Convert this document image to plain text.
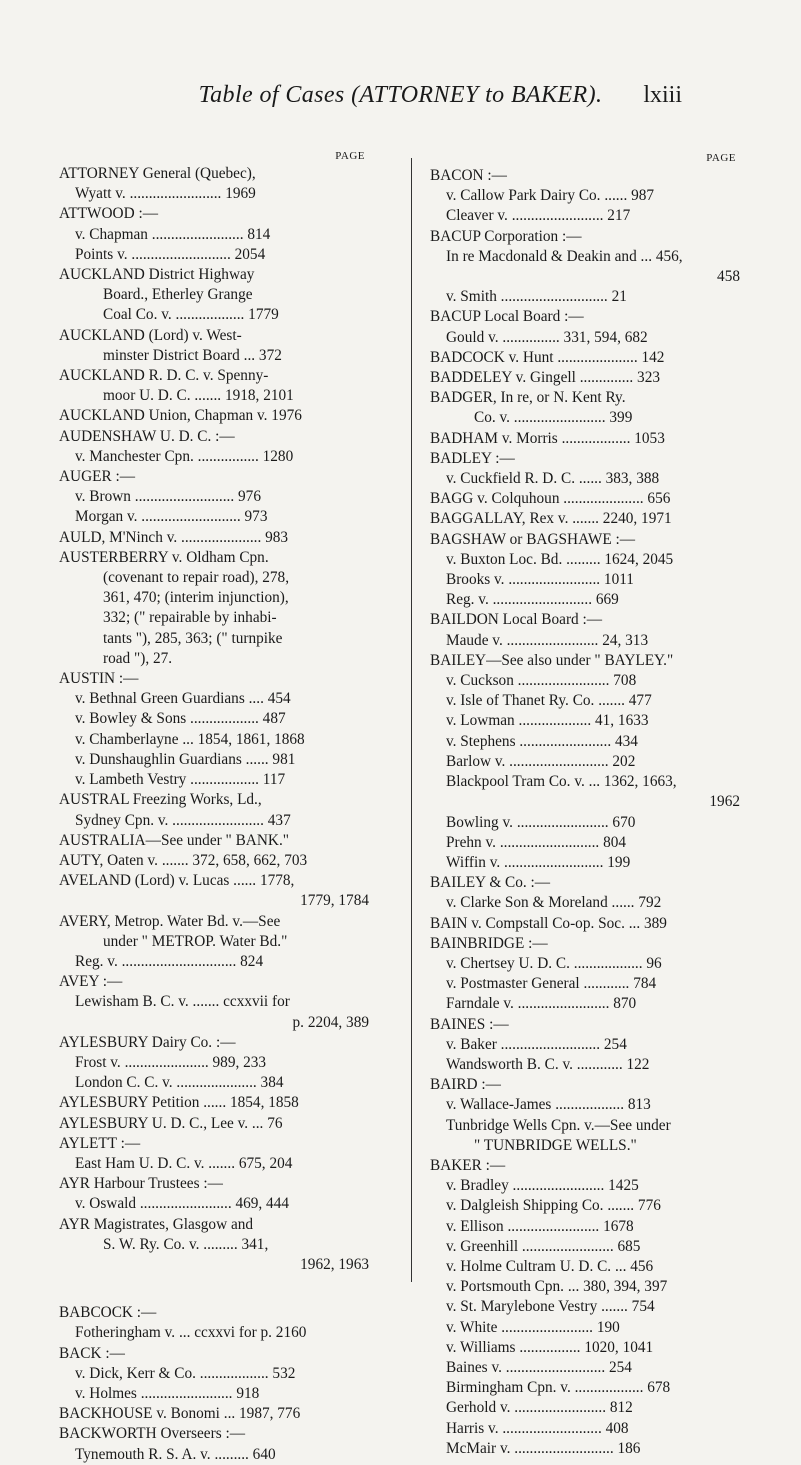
Table of Cases (ATTORNEY to BAKER).	lxiii
PAGE
ATTORNEY General (Quebec),
Wyatt v. ........................ 1969
ATTWOOD :—
v. Chapman ........................ 814
Points v. .......................... 2054
AUCKLAND District Highway
Board., Etherley Grange
Coal Co. v. .................. 1779
AUCKLAND (Lord) v. West-
minster District Board ... 372
AUCKLAND R. D. C. v. Spenny-
moor U. D. C. ....... 1918, 2101
AUCKLAND Union, Chapman v. 1976
AUDENSHAW U. D. C. :—
v. Manchester Cpn. ................ 1280
AUGER :—
v. Brown .......................... 976
Morgan v. .......................... 973
AULD, M'Ninch v. ..................... 983
AUSTERBERRY v. Oldham Cpn.
(covenant to repair road), 278,
361, 470; (interim injunction),
332; (" repairable by inhabi-
tants "), 285, 363; (" turnpike
road "), 27.
AUSTIN :—
v. Bethnal Green Guardians .... 454
v. Bowley & Sons .................. 487
v. Chamberlayne ... 1854, 1861, 1868
v. Dunshaughlin Guardians ...... 981
v. Lambeth Vestry .................. 117
AUSTRAL Freezing Works, Ld.,
Sydney Cpn. v. ........................ 437
AUSTRALIA—See under " BANK."
AUTY, Oaten v. ....... 372, 658, 662, 703
AVELAND (Lord) v. Lucas ...... 1778,
1779, 1784
AVERY, Metrop. Water Bd. v.—See
under " METROP. Water Bd."
Reg. v. .............................. 824
AVEY :—
Lewisham B. C. v. ....... ccxxvii for
p. 2204, 389
AYLESBURY Dairy Co. :—
Frost v. ...................... 989, 233
London C. C. v. ..................... 384
AYLESBURY Petition ...... 1854, 1858
AYLESBURY U. D. C., Lee v. ... 76
AYLETT :—
East Ham U. D. C. v. ....... 675, 204
AYR Harbour Trustees :—
v. Oswald ........................ 469, 444
AYR Magistrates, Glasgow and
S. W. Ry. Co. v. ......... 341,
1962, 1963
BABCOCK :—
Fotheringham v. ... ccxxvi for p. 2160
BACK :—
v. Dick, Kerr & Co. .................. 532
v. Holmes ........................ 918
BACKHOUSE v. Bonomi ... 1987, 776
BACKWORTH Overseers :—
Tynemouth R. S. A. v. ......... 640
PAGE
BACON :—
v. Callow Park Dairy Co. ...... 987
Cleaver v. ........................ 217
BACUP Corporation :—
In re Macdonald & Deakin and ... 456,
458
v. Smith ............................ 21
BACUP Local Board :—
Gould v. ............... 331, 594, 682
BADCOCK v. Hunt ..................... 142
BADDELEY v. Gingell .............. 323
BADGER, In re, or N. Kent Ry.
Co. v. ........................ 399
BADHAM v. Morris .................. 1053
BADLEY :—
v. Cuckfield R. D. C. ...... 383, 388
BAGG v. Colquhoun ..................... 656
BAGGALLAY, Rex v. ....... 2240, 1971
BAGSHAW or BAGSHAWE :—
v. Buxton Loc. Bd. ......... 1624, 2045
Brooks v. ........................ 1011
Reg. v. .......................... 669
BAILDON Local Board :—
Maude v. ........................ 24, 313
BAILEY—See also under " BAYLEY."
v. Cuckson ........................ 708
v. Isle of Thanet Ry. Co. ....... 477
v. Lowman ................... 41, 1633
v. Stephens ........................ 434
Barlow v. .......................... 202
Blackpool Tram Co. v. ... 1362, 1663,
1962
Bowling v. ........................ 670
Prehn v. .......................... 804
Wiffin v. .......................... 199
BAILEY & Co. :—
v. Clarke Son & Moreland ...... 792
BAIN v. Compstall Co-op. Soc. ... 389
BAINBRIDGE :—
v. Chertsey U. D. C. .................. 96
v. Postmaster General ............ 784
Farndale v. ........................ 870
BAINES :—
v. Baker .......................... 254
Wandsworth B. C. v. ............ 122
BAIRD :—
v. Wallace-James .................. 813
Tunbridge Wells Cpn. v.—See under
" TUNBRIDGE WELLS."
BAKER :—
v. Bradley ........................ 1425
v. Dalgleish Shipping Co. ....... 776
v. Ellison ........................ 1678
v. Greenhill ........................ 685
v. Holme Cultram U. D. C. ... 456
v. Portsmouth Cpn. ... 380, 394, 397
v. St. Marylebone Vestry ....... 754
v. White ........................ 190
v. Williams ................ 1020, 1041
Baines v. .......................... 254
Birmingham Cpn. v. .................. 678
Gerhold v. ........................ 812
Harris v. .......................... 408
McMair v. .......................... 186
